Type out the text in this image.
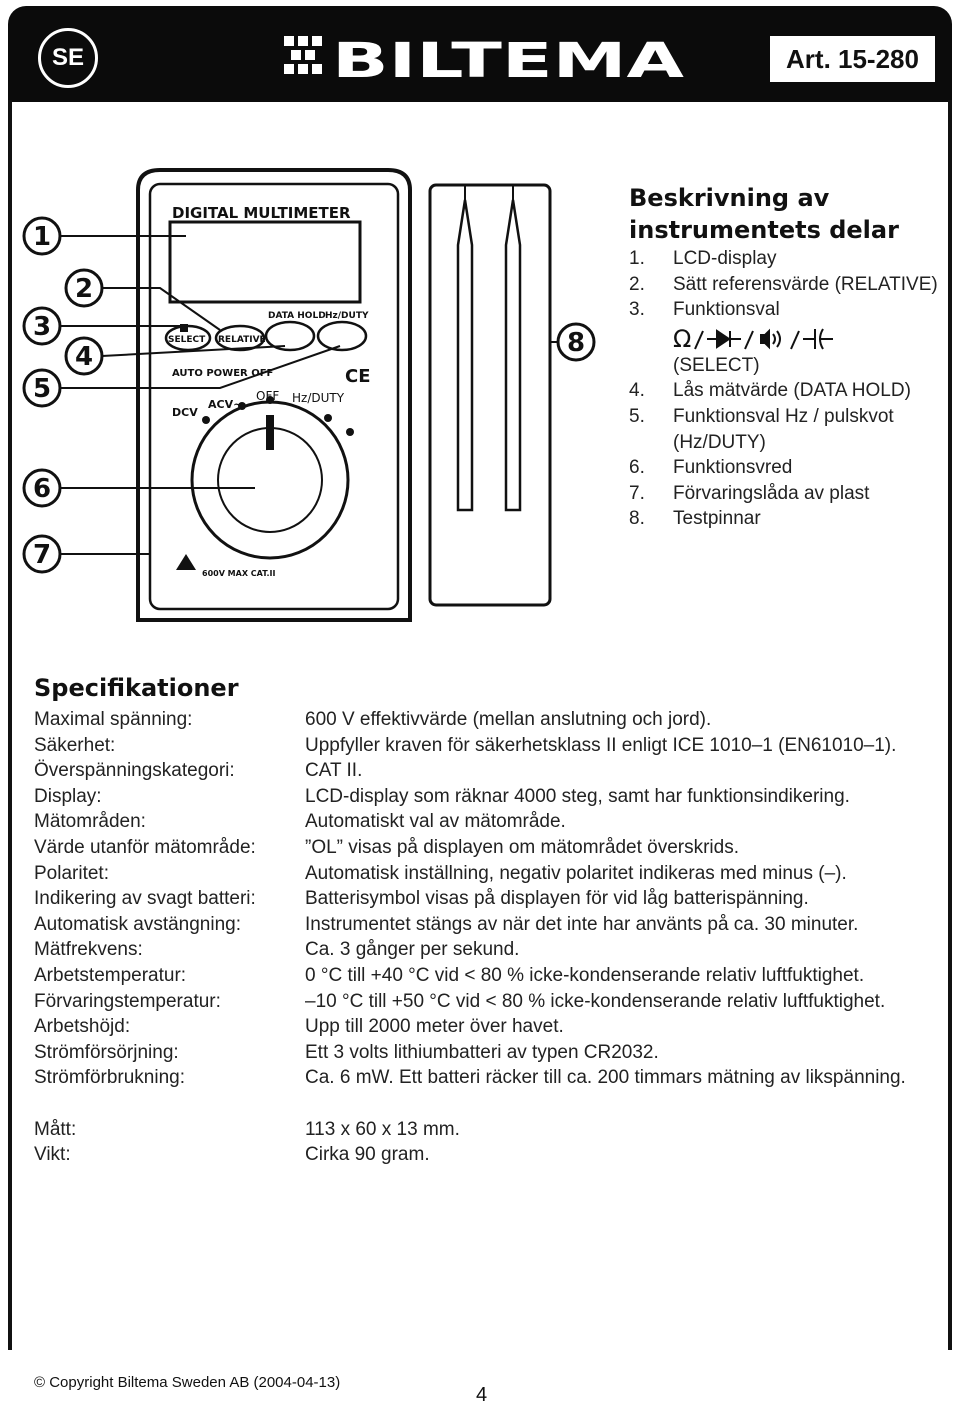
SE	BILTEMA	Art. 15-280
DIGITAL MULTIMETER
SELECT RELATIVE
DATA HOLD Hz/DUTY
AUTO POWER OFF	CE
OFF
ACV~
DCV
Hz/DUTY
600V MAX CAT.II
1
2
3
4
5
6
7
8
Beskrivning av instrumentets delar
1.	LCD-display
2.	Sätt referensvärde (RELATIVE)
3.	Funktionsval
Ω
(SELECT)
4.	Lås mätvärde (DATA HOLD)
5.	Funktionsval Hz / pulskvot (Hz/DUTY)
6.	Funktionsvred
7.	Förvaringslåda av plast
8.	Testpinnar
Specifikationer
Maximal spänning:	600 V effektivvärde (mellan anslutning och jord).
Säkerhet:	Uppfyller kraven för säkerhetsklass II enligt ICE 1010–1 (EN61010–1).
Överspänningskategori:	CAT II.
Display:	LCD-display som räknar 4000 steg, samt har funktionsindikering.
Mätområden:	Automatiskt val av mätområde.
Värde utanför mätområde:	”OL” visas på displayen om mätområdet överskrids.
Polaritet:	Automatisk inställning, negativ polaritet indikeras med minus (–).
Indikering av svagt batteri:	Batterisymbol visas på displayen för vid låg batterispänning.
Automatisk avstängning:	Instrumentet stängs av när det inte har använts på ca. 30 minuter.
Mätfrekvens:	Ca. 3 gånger per sekund.
Arbetstemperatur:	0 °C till +40 °C vid < 80 % icke-kondenserande relativ luftfuktighet.
Förvaringstemperatur:	–10 °C till +50 °C vid < 80 % icke-kondenserande relativ luftfuktighet.
Arbetshöjd:	Upp till 2000 meter över havet.
Strömförsörjning:	Ett 3 volts lithiumbatteri av typen CR2032.
Strömförbrukning:	Ca. 6 mW. Ett batteri räcker till ca. 200 timmars mätning av likspänning.
Mått:	113 x 60 x 13 mm.
Vikt:	Cirka 90 gram.
© Copyright Biltema Sweden AB (2004-04-13)
4
